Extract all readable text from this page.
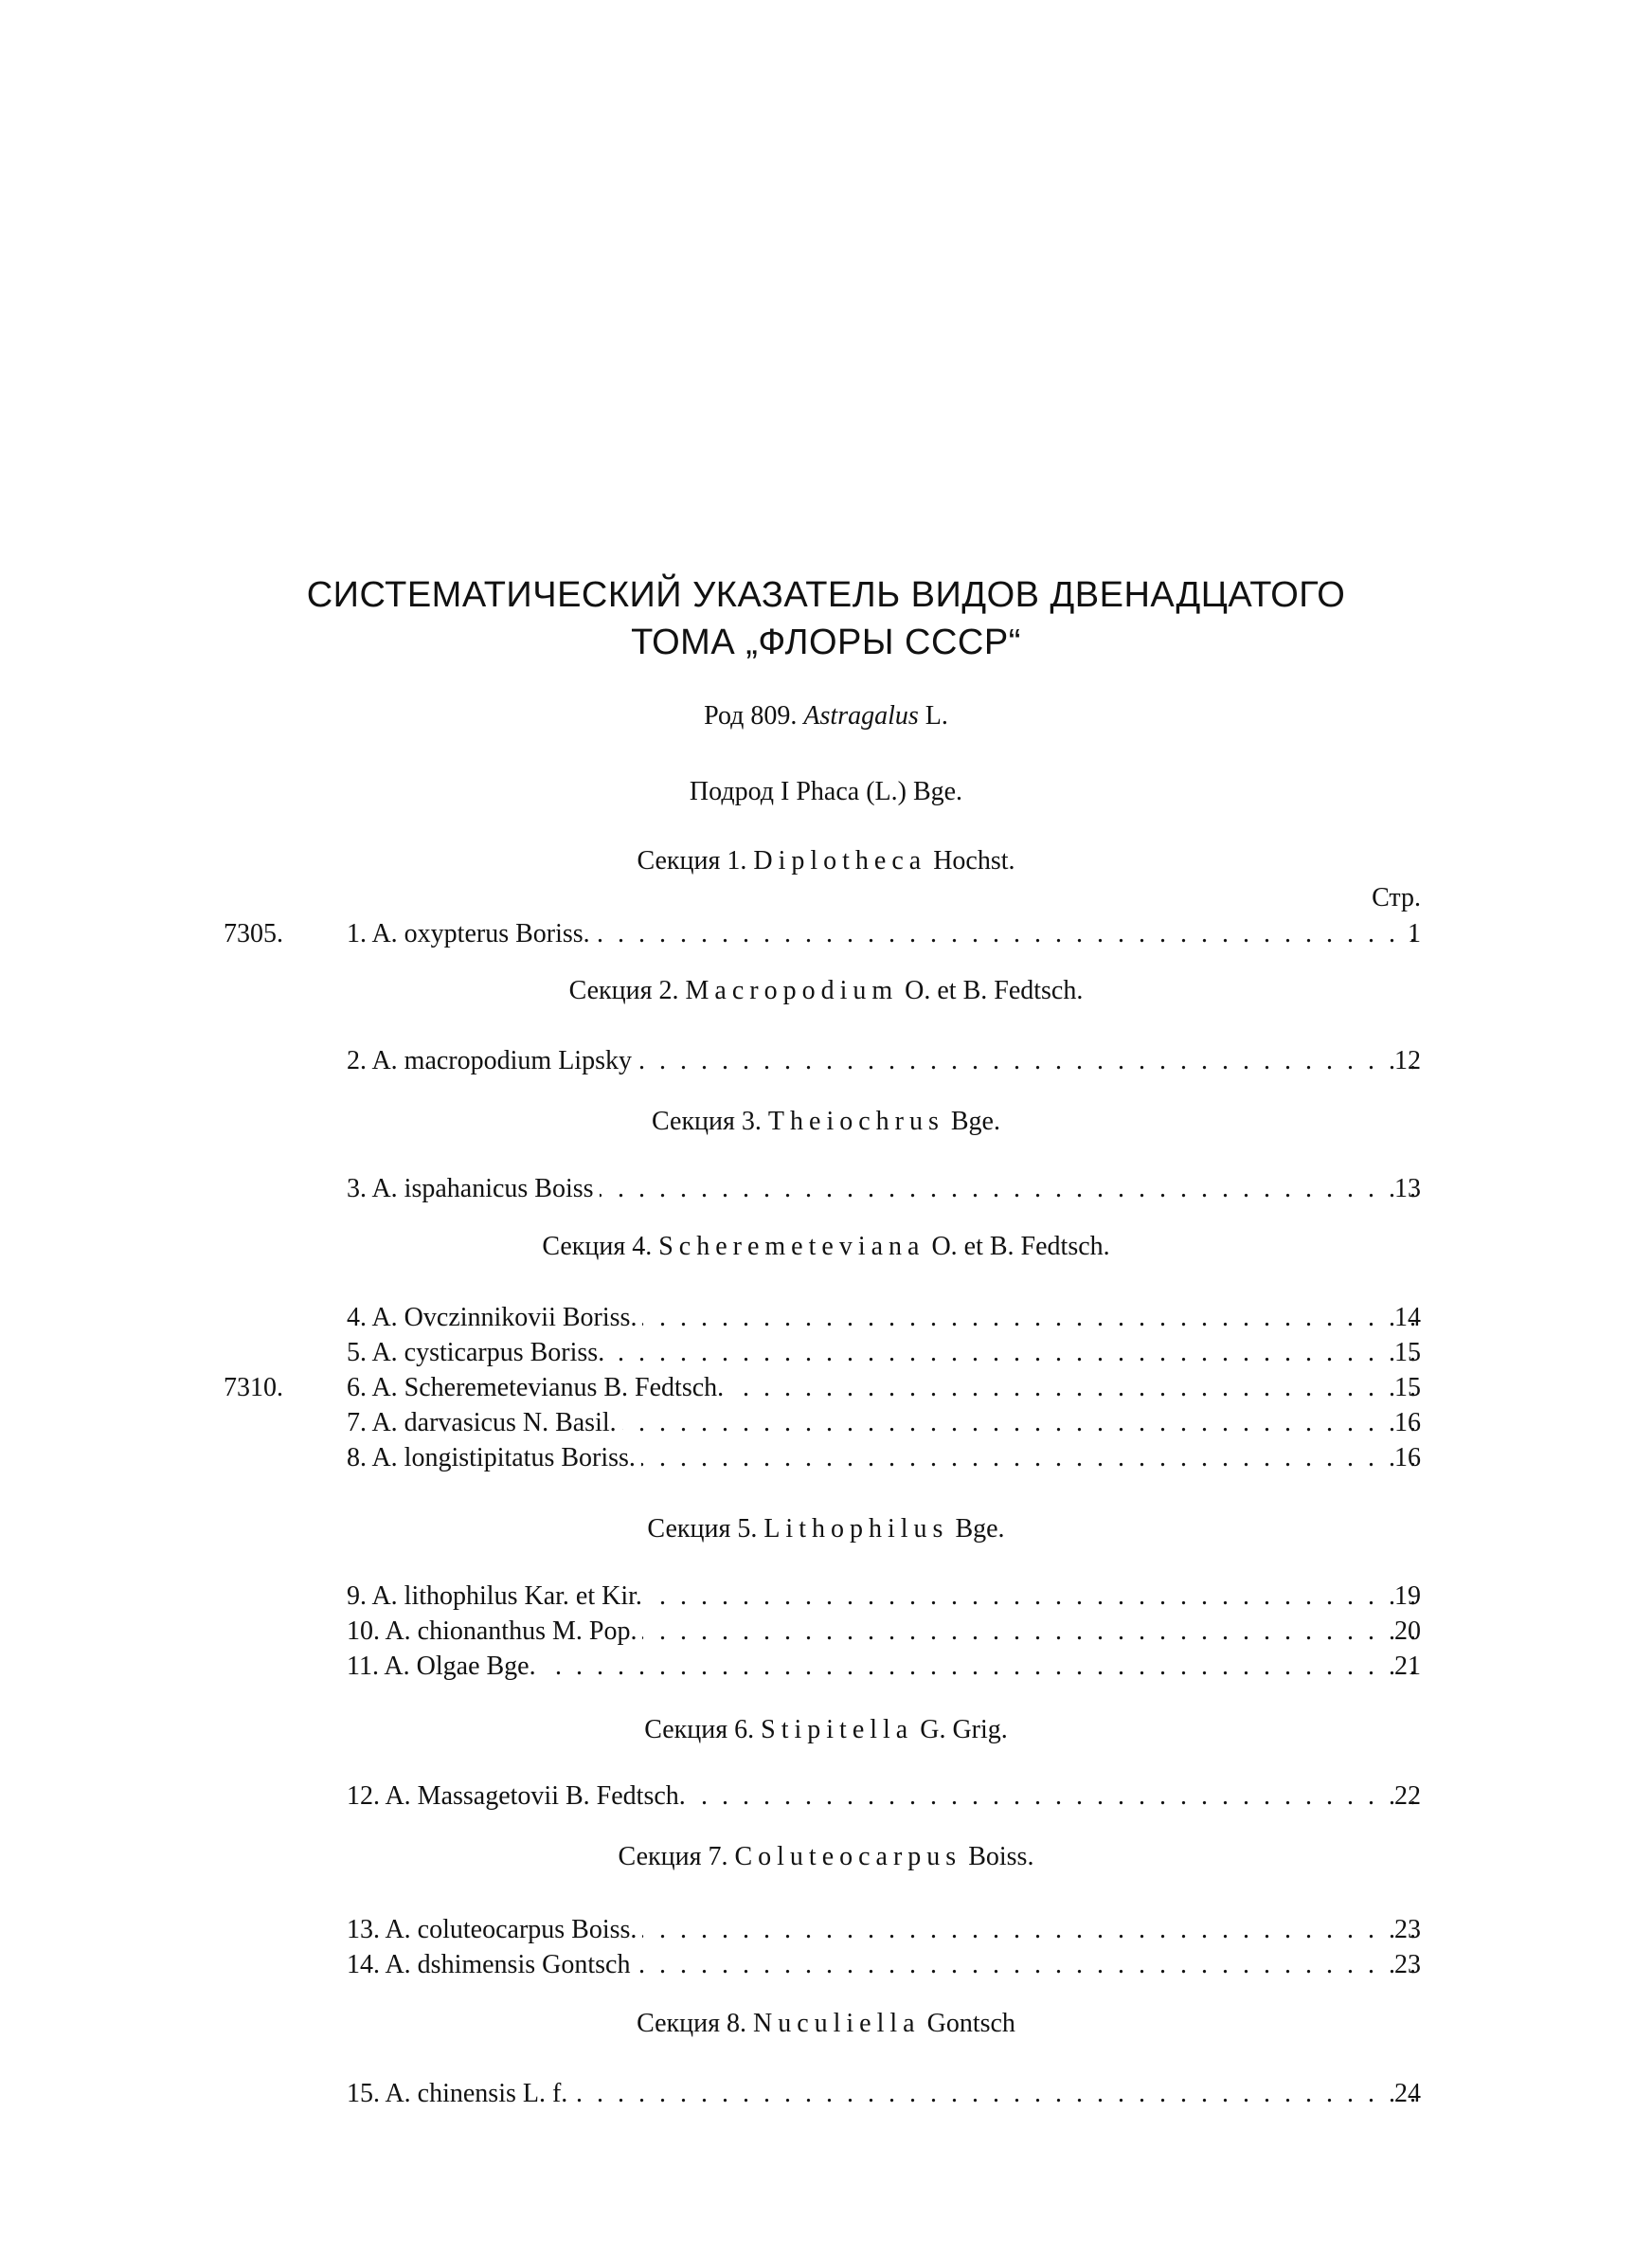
СИСТЕМАТИЧЕСКИЙ УКАЗАТЕЛЬ ВИДОВ ДВЕНАДЦАТОГО
ТОМА „ФЛОРЫ СССР“
Род 809. Astragalus L.
Подрод I Phaca (L.) Bge.
Секция 1. Diplotheca Hochst.
Стр.
7305. 1. A. oxypterus Boriss. . . .	1
Секция 2. Macropodium O. et B. Fedtsch.
2. A. macropodium Lipsky . . .	12
Секция 3. Theiochrus Bge.
3. A. ispahanicus Boiss . . .	13
Секция 4. Scheremeteviana O. et B. Fedtsch.
4. A. Ovczinnikovii Boriss. . . .	14
5. A. cysticarpus Boriss. . . .	15
7310. 6. A. Scheremetevianus B. Fedtsch. . . .	15
7. A. darvasicus N. Basil. . . .	16
8. A. longistipitatus Boriss. . . .	16
Секция 5. Lithophilus Bge.
9. A. lithophilus Kar. et Kir. . . .	19
10. A. chionanthus M. Pop. . . .	20
11. A. Olgae Bge. . . .	21
Секция 6. Stipitella G. Grig.
12. A. Massagetovii B. Fedtsch. . . .	22
Секция 7. Coluteocarpus Boiss.
13. A. coluteocarpus Boiss. . . .	23
14. A. dshimensis Gontsch . . .	23
Секция 8. Nuculiella Gontsch
15. A. chinensis L. f. . . .	24
